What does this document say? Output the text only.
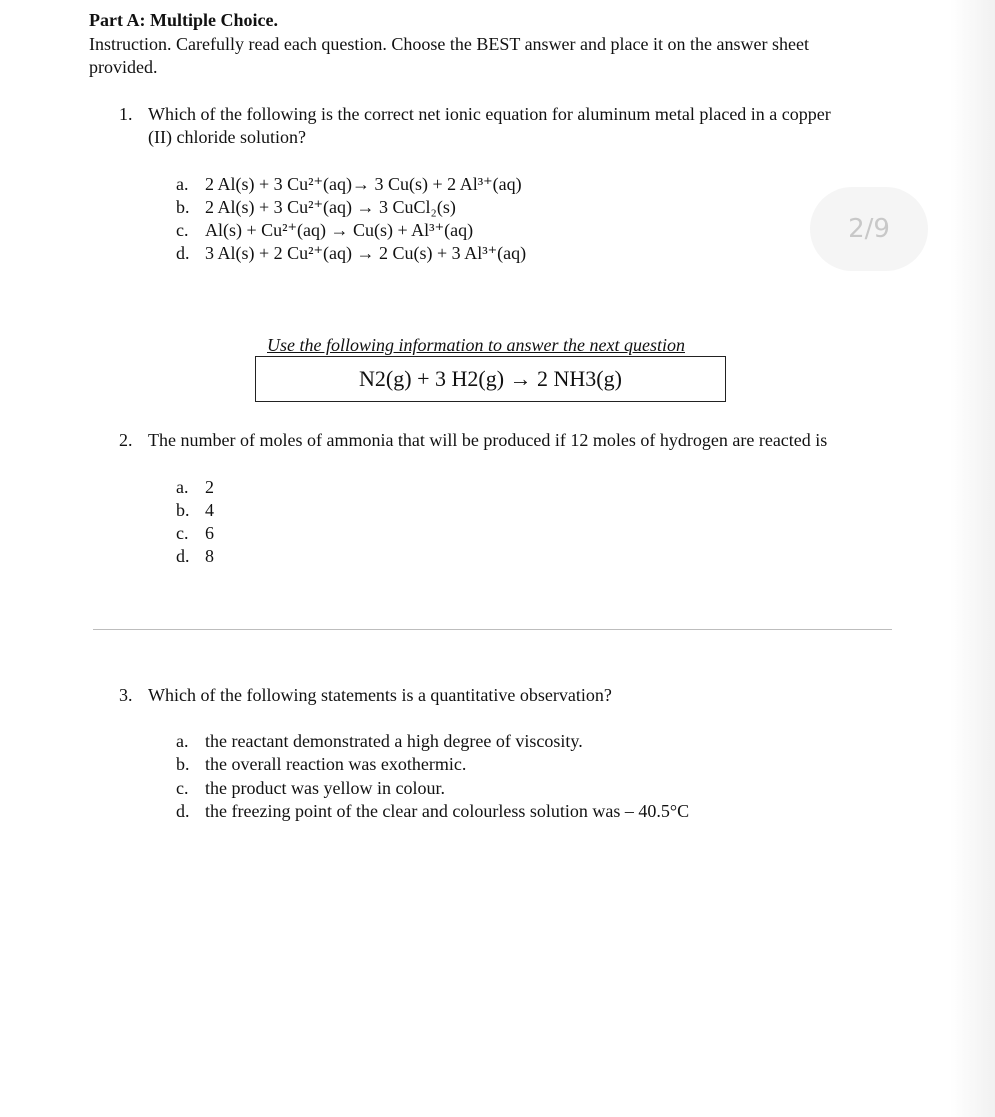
Part A: Multiple Choice.
Instruction. Carefully read each question. Choose the BEST answer and place it on the answer sheet
provided.
2/9
1. Which of the following is the correct net ionic equation for aluminum metal placed in a copper
(II) chloride solution?
a. 2 Al(s) + 3 Cu²⁺(aq)→ 3 Cu(s) + 2 Al³⁺(aq)
b. 2 Al(s) + 3 Cu²⁺(aq) → 3 CuCl₂(s)
c. Al(s) + Cu²⁺(aq) → Cu(s) + Al³⁺(aq)
d. 3 Al(s) + 2 Cu²⁺(aq) → 2 Cu(s) + 3 Al³⁺(aq)
Use the following information to answer the next question
N2(g) + 3 H2(g) → 2 NH3(g)
2. The number of moles of ammonia that will be produced if 12 moles of hydrogen are reacted is
a. 2
b. 4
c. 6
d. 8
3. Which of the following statements is a quantitative observation?
a. the reactant demonstrated a high degree of viscosity.
b. the overall reaction was exothermic.
c. the product was yellow in colour.
d. the freezing point of the clear and colourless solution was – 40.5°C
